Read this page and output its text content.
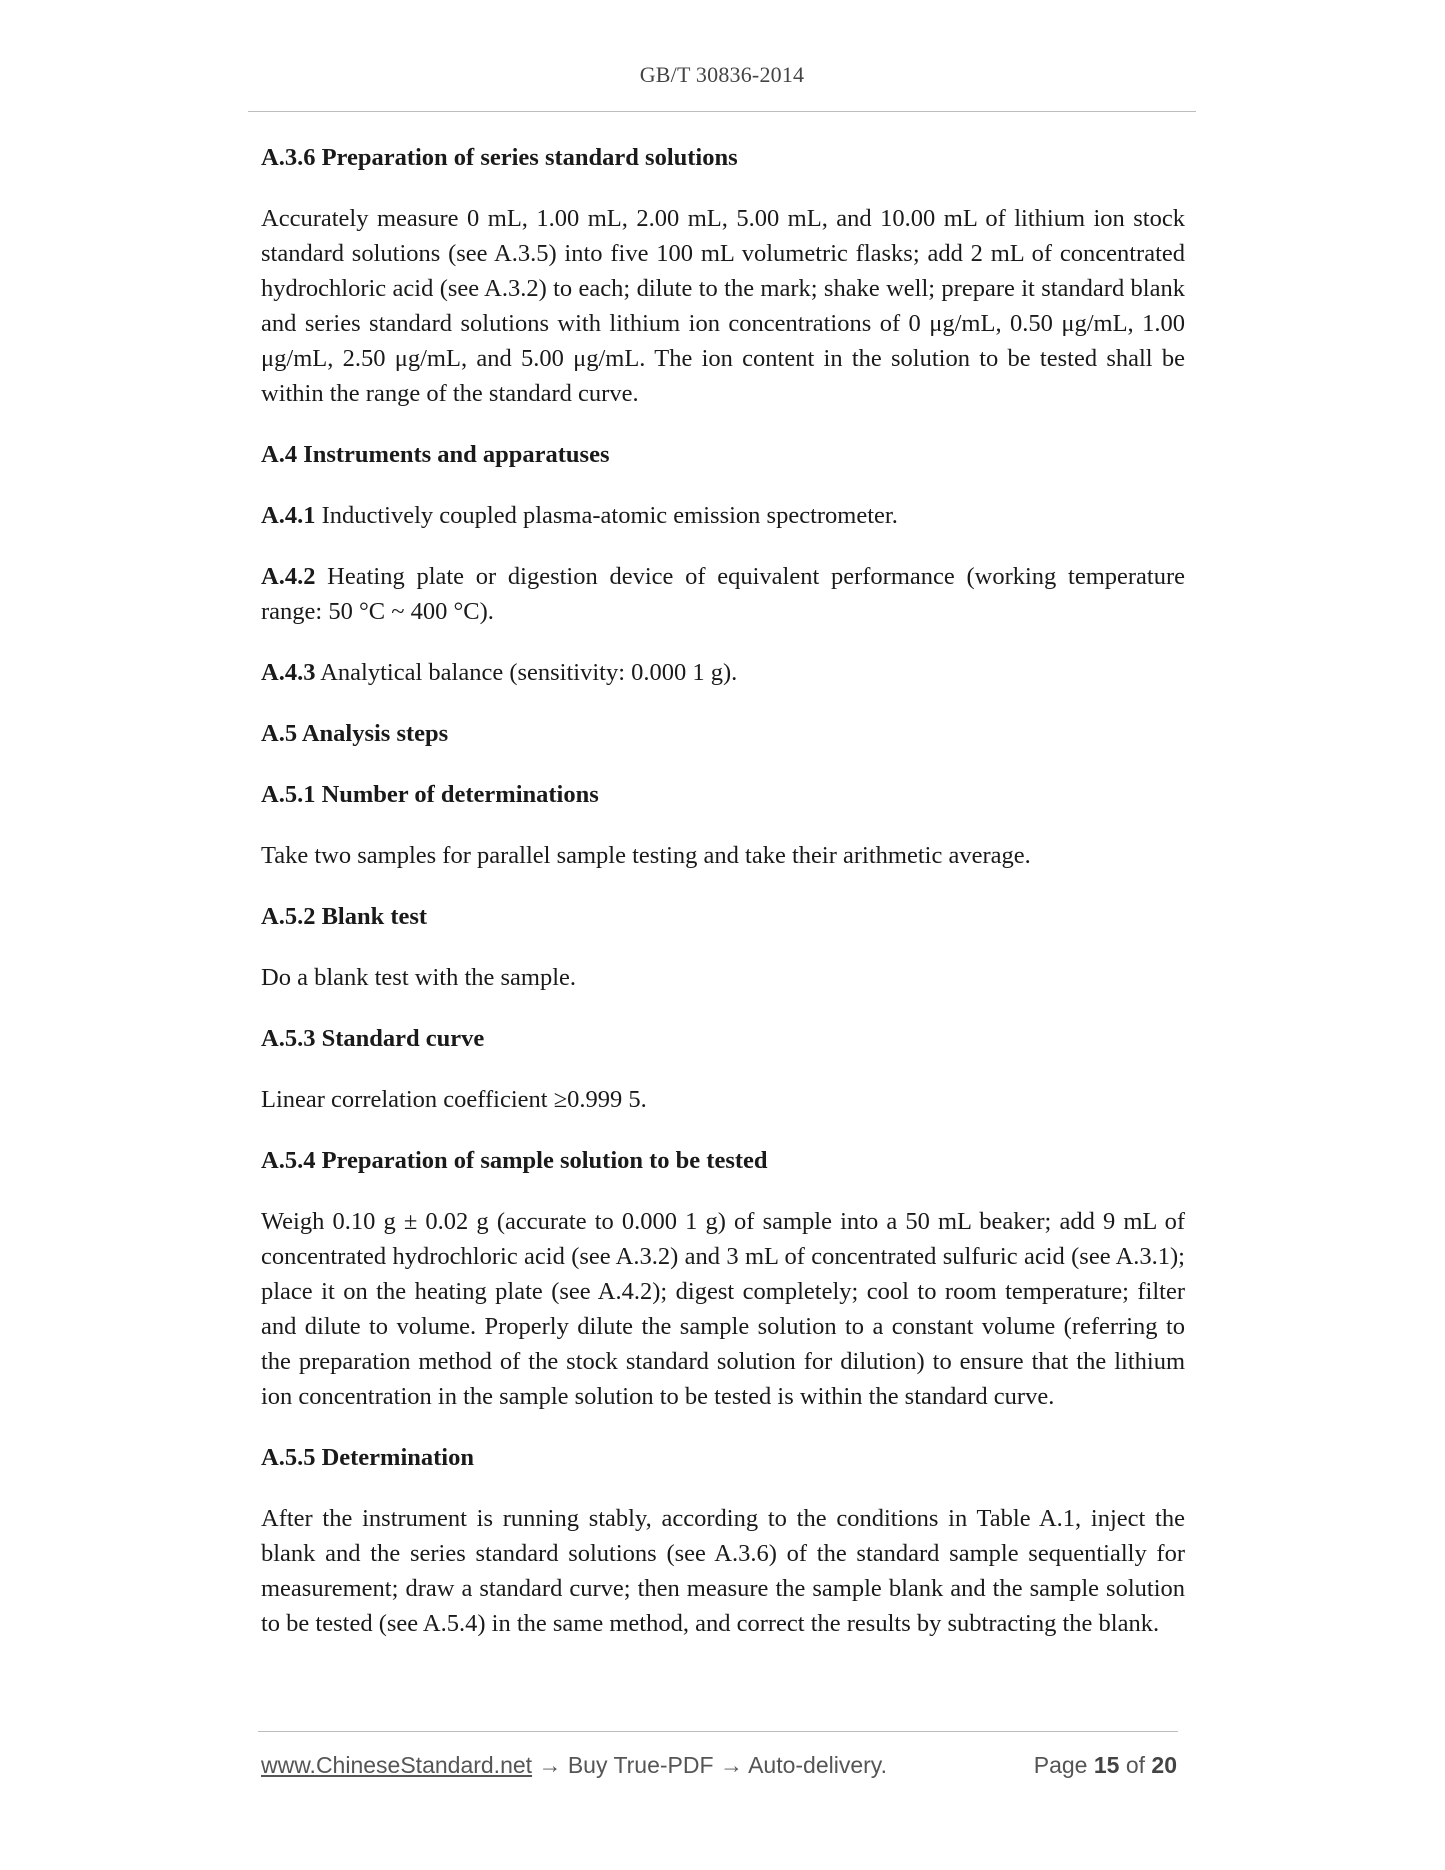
GB/T 30836-2014

A.3.6 Preparation of series standard solutions

Accurately measure 0 mL, 1.00 mL, 2.00 mL, 5.00 mL, and 10.00 mL of lithium ion stock standard solutions (see A.3.5) into five 100 mL volumetric flasks; add 2 mL of concentrated hydrochloric acid (see A.3.2) to each; dilute to the mark; shake well; prepare it standard blank and series standard solutions with lithium ion concentrations of 0 μg/mL, 0.50 μg/mL, 1.00 μg/mL, 2.50 μg/mL, and 5.00 μg/mL. The ion content in the solution to be tested shall be within the range of the standard curve.

A.4 Instruments and apparatuses

A.4.1 Inductively coupled plasma-atomic emission spectrometer.

A.4.2 Heating plate or digestion device of equivalent performance (working temperature range: 50 °C ~ 400 °C).

A.4.3 Analytical balance (sensitivity: 0.000 1 g).

A.5 Analysis steps

A.5.1 Number of determinations

Take two samples for parallel sample testing and take their arithmetic average.

A.5.2 Blank test

Do a blank test with the sample.

A.5.3 Standard curve

Linear correlation coefficient ≥0.999 5.

A.5.4 Preparation of sample solution to be tested

Weigh 0.10 g ± 0.02 g (accurate to 0.000 1 g) of sample into a 50 mL beaker; add 9 mL of concentrated hydrochloric acid (see A.3.2) and 3 mL of concentrated sulfuric acid (see A.3.1); place it on the heating plate (see A.4.2); digest completely; cool to room temperature; filter and dilute to volume. Properly dilute the sample solution to a constant volume (referring to the preparation method of the stock standard solution for dilution) to ensure that the lithium ion concentration in the sample solution to be tested is within the standard curve.

A.5.5 Determination

After the instrument is running stably, according to the conditions in Table A.1, inject the blank and the series standard solutions (see A.3.6) of the standard sample sequentially for measurement; draw a standard curve; then measure the sample blank and the sample solution to be tested (see A.5.4) in the same method, and correct the results by subtracting the blank.

www.ChineseStandard.net → Buy True-PDF → Auto-delivery.	Page 15 of 20
